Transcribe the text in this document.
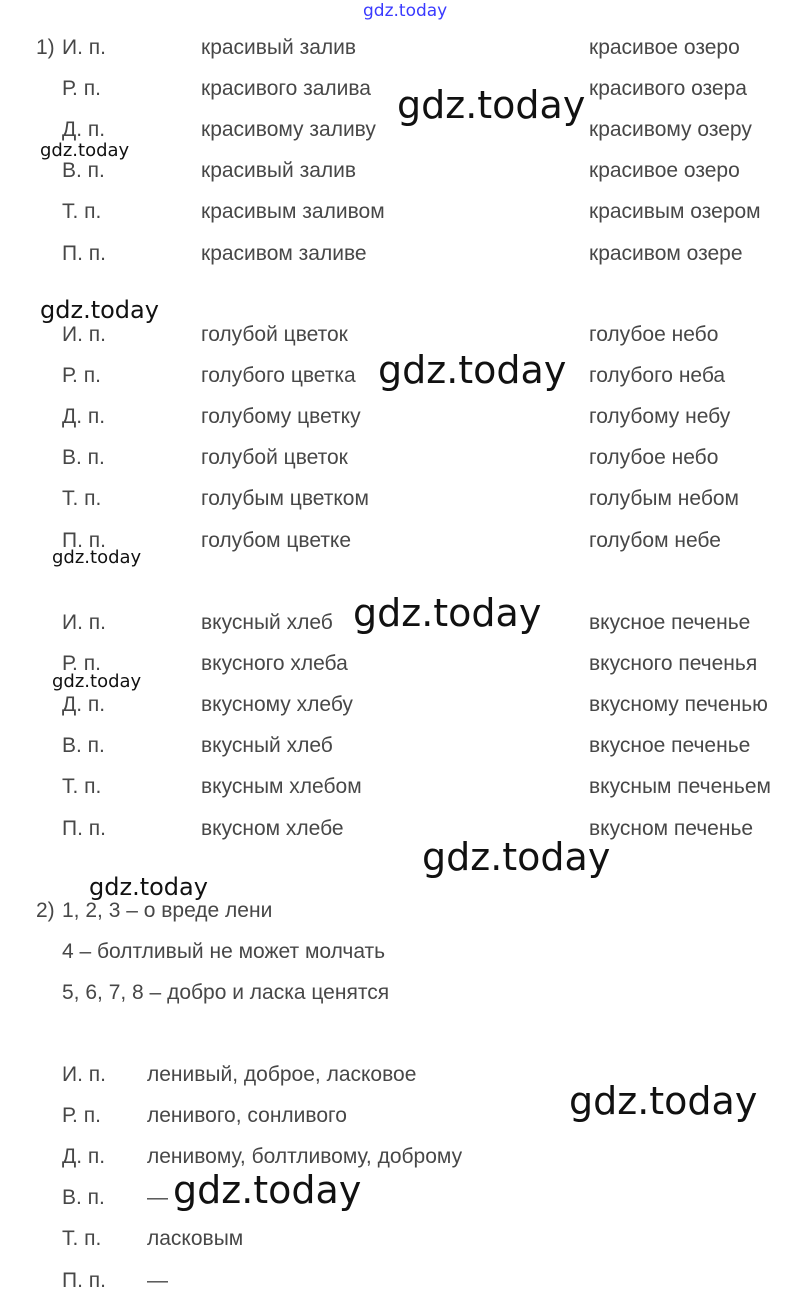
1) И. п.	красивый залив	красивое озеро
Р. п.	красивого залива	красивого озера
Д. п.	красивому заливу	красивому озеру
В. п.	красивый залив	красивое озеро
Т. п.	красивым заливом	красивым озером
П. п.	красивом заливе	красивом озере
И. п.	голубой цветок	голубое небо
Р. п.	голубого цветка	голубого неба
Д. п.	голубому цветку	голубому небу
В. п.	голубой цветок	голубое небо
Т. п.	голубым цветком	голубым небом
П. п.	голубом цветке	голубом небе
И. п.	вкусный хлеб	вкусное печенье
Р. п.	вкусного хлеба	вкусного печенья
Д. п.	вкусному хлебу	вкусному печенью
В. п.	вкусный хлеб	вкусное печенье
Т. п.	вкусным хлебом	вкусным печеньем
П. п.	вкусном хлебе	вкусном печенье
2) 1, 2, 3 – о вреде лени
4 – болтливый не может молчать
5, 6, 7, 8 – добро и ласка ценятся
И. п. ленивый, доброе, ласковое
Р. п. ленивого, сонливого
Д. п. ленивому, болтливому, доброму
В. п. —
Т. п. ласковым
П. п. —
gdz.today
gdz.today
gdz.today
gdz.today
gdz.today
gdz.today
gdz.today
gdz.today
gdz.today
gdz.today
gdz.today
gdz.today
